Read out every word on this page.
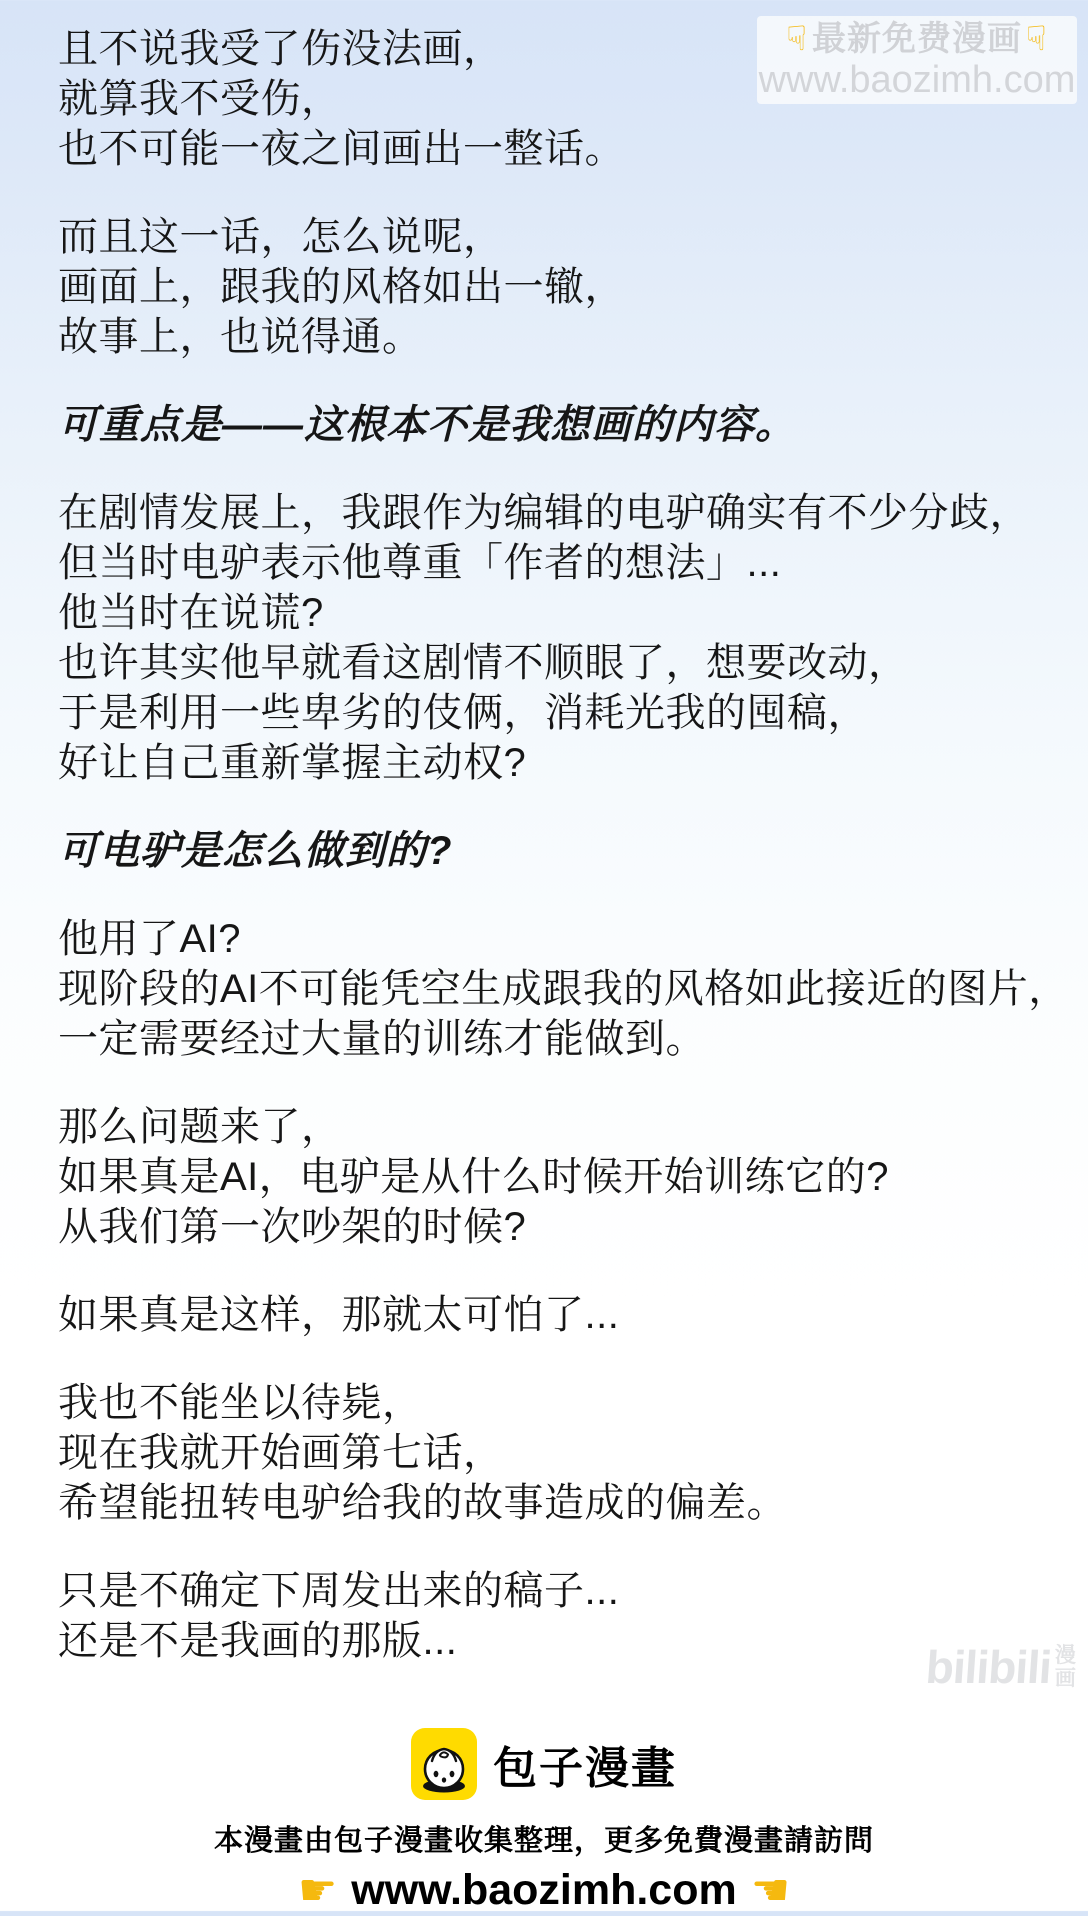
☟ 最新免费漫画 ☟
www.baozimh.com
且不说我受了伤没法画，
就算我不受伤，
也不可能一夜之间画出一整话。
而且这一话，怎么说呢，
画面上，跟我的风格如出一辙，
故事上，也说得通。
可重点是——这根本不是我想画的内容。
在剧情发展上，我跟作为编辑的电驴确实有不少分歧，
但当时电驴表示他尊重「作者的想法」...
他当时在说谎?
也许其实他早就看这剧情不顺眼了，想要改动，
于是利用一些卑劣的伎俩，消耗光我的囤稿，
好让自己重新掌握主动权?
可电驴是怎么做到的?
他用了AI?
现阶段的AI不可能凭空生成跟我的风格如此接近的图片，
一定需要经过大量的训练才能做到。
那么问题来了，
如果真是AI，电驴是从什么时候开始训练它的?
从我们第一次吵架的时候?
如果真是这样，那就太可怕了...
我也不能坐以待毙，
现在我就开始画第七话，
希望能扭转电驴给我的故事造成的偏差。
只是不确定下周发出来的稿子...
还是不是我画的那版...	bilibili 漫
画
包子漫畫
本漫畫由包子漫畫收集整理，更多免費漫畫請訪問
☛ www.baozimh.com ☚
